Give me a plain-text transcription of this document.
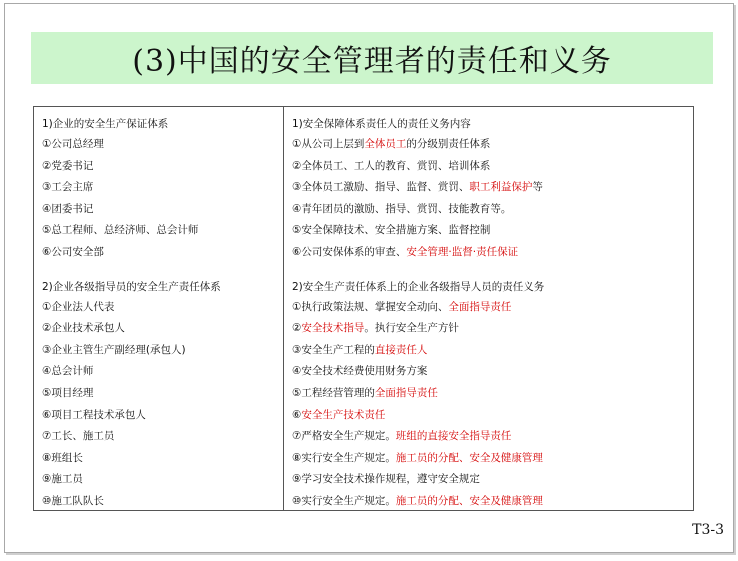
(3)中国的安全管理者的责任和义务
1)企业的安全生产保证体系
①公司总经理
②党委书记
③工会主席
④团委书记
⑤总工程师、总经济师、总会计师
⑥公司安全部
2)企业各级指导员的安全生产责任体系
①企业法人代表
②企业技术承包人
③企业主管生产副经理(承包人)
④总会计师
⑤项目经理
⑥项目工程技术承包人
⑦工长、施工员
⑧班组长
⑨施工员
⑩施工队队长
1)安全保障体系责任人的责任义务内容
①从公司上层到全体员工的分级别责任体系
②全体员工、工人的教育、赏罚、培训体系
③全体员工激励、指导、监督、赏罚、职工利益保护等
④青年团员的激励、指导、赏罚、技能教育等。
⑤安全保障技术、安全措施方案、监督控制
⑥公司安保体系的审查、安全管理·监督·责任保证
2)安全生产责任体系上的企业各级指导人员的责任义务
①执行政策法规、掌握安全动向、全面指导责任
②安全技术指导。执行安全生产方针
③安全生产工程的直接责任人
④安全技术经费使用财务方案
⑤工程经营管理的全面指导责任
⑥安全生产技术责任
⑦严格安全生产规定。班组的直接安全指导责任
⑧实行安全生产规定。施工员的分配、安全及健康管理
⑨学习安全技术操作规程，遵守安全规定
⑩实行安全生产规定。施工员的分配、安全及健康管理
T3-3
